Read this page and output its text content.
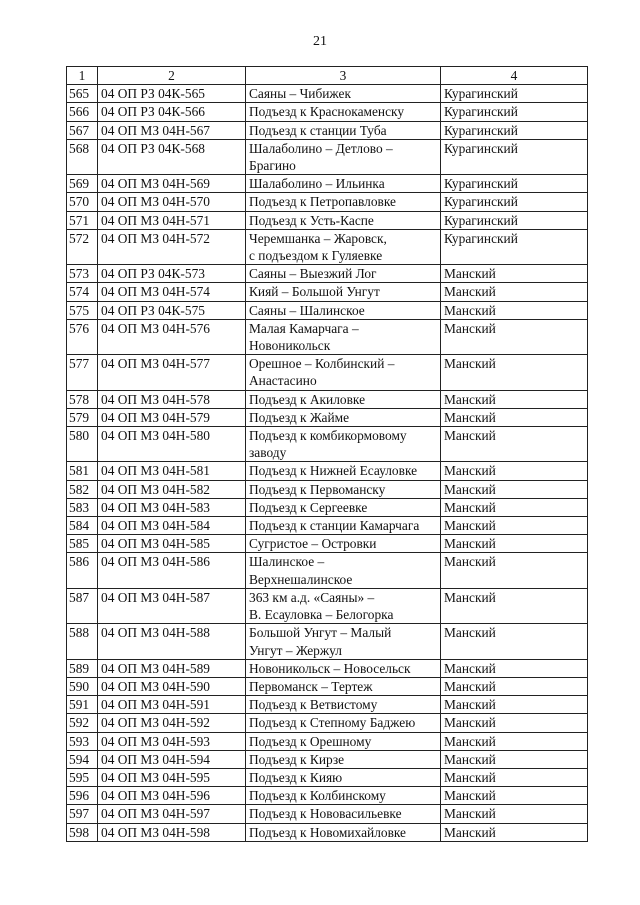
21
1	2	3	4
565	04 ОП РЗ 04К-565	Саяны – Чибижек	Курагинский
566	04 ОП РЗ 04К-566	Подъезд к Краснокаменску	Курагинский
567	04 ОП МЗ 04Н-567	Подъезд к станции Туба	Курагинский
568	04 ОП РЗ 04К-568	Шалаболино – Детлово –
Брагино	Курагинский
569	04 ОП МЗ 04Н-569	Шалаболино – Ильинка	Курагинский
570	04 ОП МЗ 04Н-570	Подъезд к Петропавловке	Курагинский
571	04 ОП МЗ 04Н-571	Подъезд к Усть-Каспе	Курагинский
572	04 ОП МЗ 04Н-572	Черемшанка – Жаровск,
с подъездом к Гуляевке	Курагинский
573	04 ОП РЗ 04К-573	Саяны – Выезжий Лог	Манский
574	04 ОП МЗ 04Н-574	Кияй – Большой Унгут	Манский
575	04 ОП РЗ 04К-575	Саяны – Шалинское	Манский
576	04 ОП МЗ 04Н-576	Малая Камарчага –
Новоникольск	Манский
577	04 ОП МЗ 04Н-577	Орешное – Колбинский –
Анастасино	Манский
578	04 ОП МЗ 04Н-578	Подъезд к Акиловке	Манский
579	04 ОП МЗ 04Н-579	Подъезд к Жайме	Манский
580	04 ОП МЗ 04Н-580	Подъезд к комбикормовому
заводу	Манский
581	04 ОП МЗ 04Н-581	Подъезд к Нижней Есауловке	Манский
582	04 ОП МЗ 04Н-582	Подъезд к Первоманску	Манский
583	04 ОП МЗ 04Н-583	Подъезд к Сергеевке	Манский
584	04 ОП МЗ 04Н-584	Подъезд к станции Камарчага	Манский
585	04 ОП МЗ 04Н-585	Сугристое – Островки	Манский
586	04 ОП МЗ 04Н-586	Шалинское –
Верхнешалинское	Манский
587	04 ОП МЗ 04Н-587	363 км а.д. «Саяны» –
В. Есауловка – Белогорка	Манский
588	04 ОП МЗ 04Н-588	Большой Унгут – Малый
Унгут – Жержул	Манский
589	04 ОП МЗ 04Н-589	Новоникольск – Новосельск	Манский
590	04 ОП МЗ 04Н-590	Первоманск – Тертеж	Манский
591	04 ОП МЗ 04Н-591	Подъезд к Ветвистому	Манский
592	04 ОП МЗ 04Н-592	Подъезд к Степному Баджею	Манский
593	04 ОП МЗ 04Н-593	Подъезд к Орешному	Манский
594	04 ОП МЗ 04Н-594	Подъезд к Кирзе	Манский
595	04 ОП МЗ 04Н-595	Подъезд к Кияю	Манский
596	04 ОП МЗ 04Н-596	Подъезд к Колбинскому	Манский
597	04 ОП МЗ 04Н-597	Подъезд к Нововасильевке	Манский
598	04 ОП МЗ 04Н-598	Подъезд к Новомихайловке	Манский
